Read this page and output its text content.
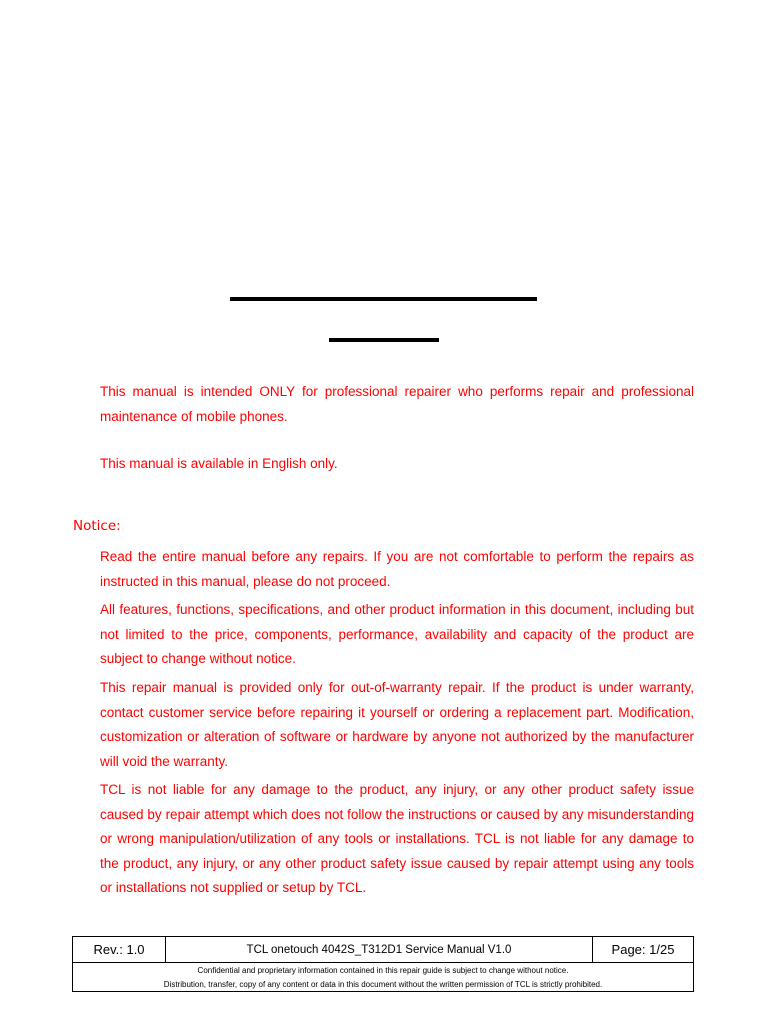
This manual is intended ONLY for professional repairer who performs repair and professional maintenance of mobile phones.

This manual is available in English only.

Notice:

Read the entire manual before any repairs. If you are not comfortable to perform the repairs as instructed in this manual, please do not proceed.

All features, functions, specifications, and other product information in this document, including but not limited to the price, components, performance, availability and capacity of the product are subject to change without notice.

This repair manual is provided only for out-of-warranty repair. If the product is under warranty, contact customer service before repairing it yourself or ordering a replacement part. Modification, customization or alteration of software or hardware by anyone not authorized by the manufacturer will void the warranty.

TCL is not liable for any damage to the product, any injury, or any other product safety issue caused by repair attempt which does not follow the instructions or caused by any misunderstanding or wrong manipulation/utilization of any tools or installations. TCL is not liable for any damage to the product, any injury, or any other product safety issue caused by repair attempt using any tools or installations not supplied or setup by TCL.

Rev.: 1.0	TCL onetouch 4042S_T312D1 Service Manual V1.0	Page: 1/25
Confidential and proprietary information contained in this repair guide is subject to change without notice.
Distribution, transfer, copy of any content or data in this document without the written permission of TCL is strictly prohibited.
